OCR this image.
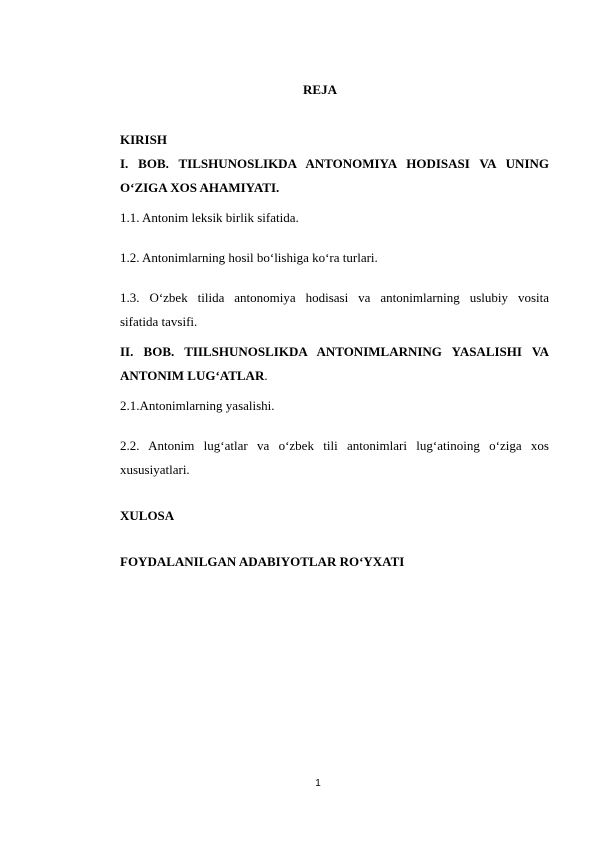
REJA
KIRISH
I. BOB. TILSHUNOSLIKDA ANTONOMIYA HODISASI VA UNING
O‘ZIGA XOS AHAMIYATI.
1.1. Antonim leksik birlik sifatida.
1.2. Antonimlarning hosil bo‘lishiga ko‘ra turlari.
1.3. O‘zbek tilida antonomiya hodisasi va antonimlarning uslubiy vosita
sifatida tavsifi.
II. BOB. TIILSHUNOSLIKDA ANTONIMLARNING YASALISHI VA
ANTONIM LUG‘ATLAR.
2.1.Antonimlarning yasalishi.
2.2. Antonim lug‘atlar va o‘zbek tili antonimlari lug‘atinoing o‘ziga xos
xususiyatlari.
XULOSA
FOYDALANILGAN ADABIYOTLAR RO‘YXATI
1
